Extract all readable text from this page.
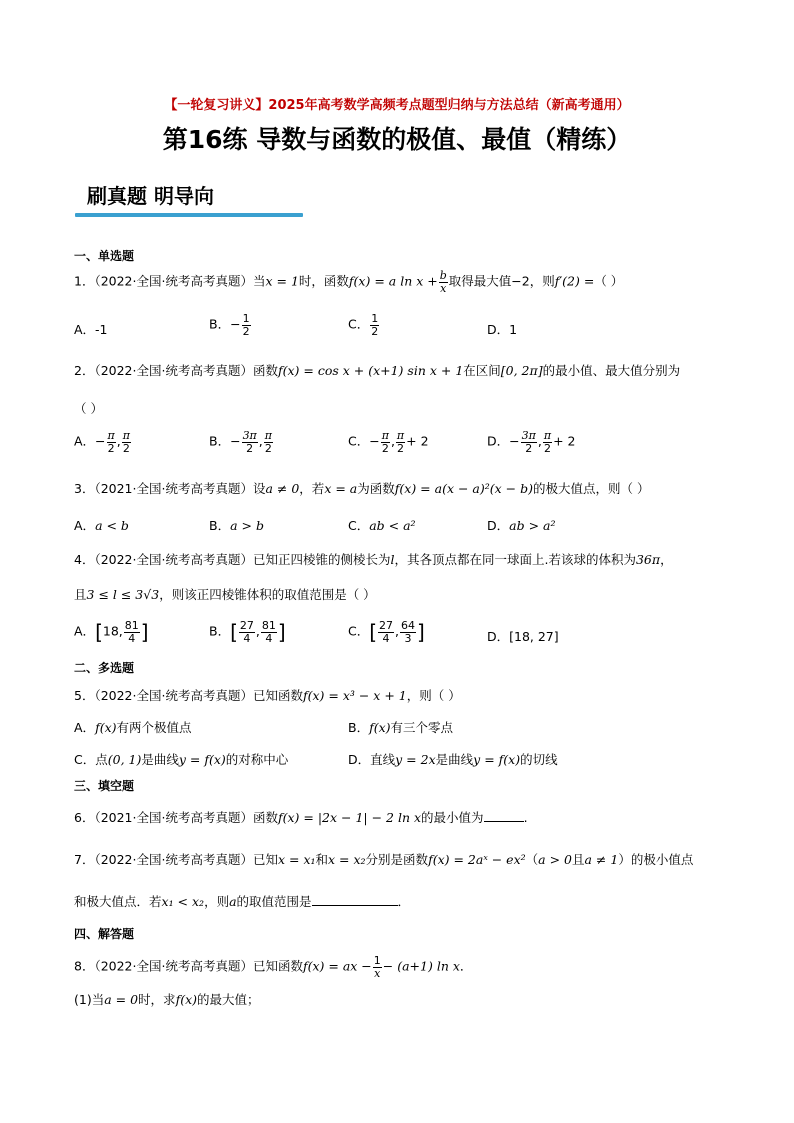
【一轮复习讲义】2025年高考数学高频考点题型归纳与方法总结（新高考通用）
第16练 导数与函数的极值、最值（精练）
刷真题 明导向
一、单选题
1．（2022·全国·统考高考真题）当x = 1时，函数f(x) = a $\ln x + \frac{b}{x}$ 取得最大值−2，则f′(2) =（ ）
A．-1	B．− $\frac{1}{2}$	C． $\frac{1}{2}$	D．1
2．（2022·全国·统考高考真题）函数f(x) = cos x + (x+1) sin x + 1在区间[0, 2π]的最小值、最大值分别为
（ ）
A．− $\frac{\pi}{2}$ , $\frac{\pi}{2}$	B．− $\frac{3\pi}{2}$ , $\frac{\pi}{2}$	C．− $\frac{\pi}{2}$ , $\frac{\pi}{2} + 2$	D．− $\frac{3\pi}{2}$ , $\frac{\pi}{2} + 2$
3．（2021·全国·统考高考真题）设a ≠ 0，若x = a为函数f(x) = a(x − a)²(x − b)的极大值点，则（ ）
A．a < b	B．a > b	C．ab < a²	D．ab > a²
4．（2022·全国·统考高考真题）已知正四棱锥的侧棱长为l，其各顶点都在同一球面上.若该球的体积为36π，
且3 ≤ l ≤ 3√3，则该正四棱锥体积的取值范围是（ ）
A．[18, $\frac{81}{4}$ ]	B．[ $\frac{27}{4}$ , $\frac{81}{4}$ ]	C．[ $\frac{27}{4}$ , $\frac{64}{3}$ ]	D．[18, 27]
二、多选题
5．（2022·全国·统考高考真题）已知函数f(x) = x³ − x + 1，则（ ）
A．f(x)有两个极值点	B．f(x)有三个零点
C．点(0, 1)是曲线y = f(x)的对称中心	D．直线y = 2x是曲线y = f(x)的切线
三、填空题
6．（2021·全国·统考高考真题）函数f(x) = |2x − 1| − 2 ln x的最小值为	.
7．（2022·全国·统考高考真题）已知x = x₁和x = x₂分别是函数f(x) = 2aˣ − ex²（a > 0且a ≠ 1）的极小值点
和极大值点．若x₁ < x₂，则a的取值范围是	．
四、解答题
8．（2022·全国·统考高考真题）已知函数f(x) = ax − $\frac{1}{x} - (a+1)$ ln x．
(1)当a = 0时，求f(x)的最大值；
